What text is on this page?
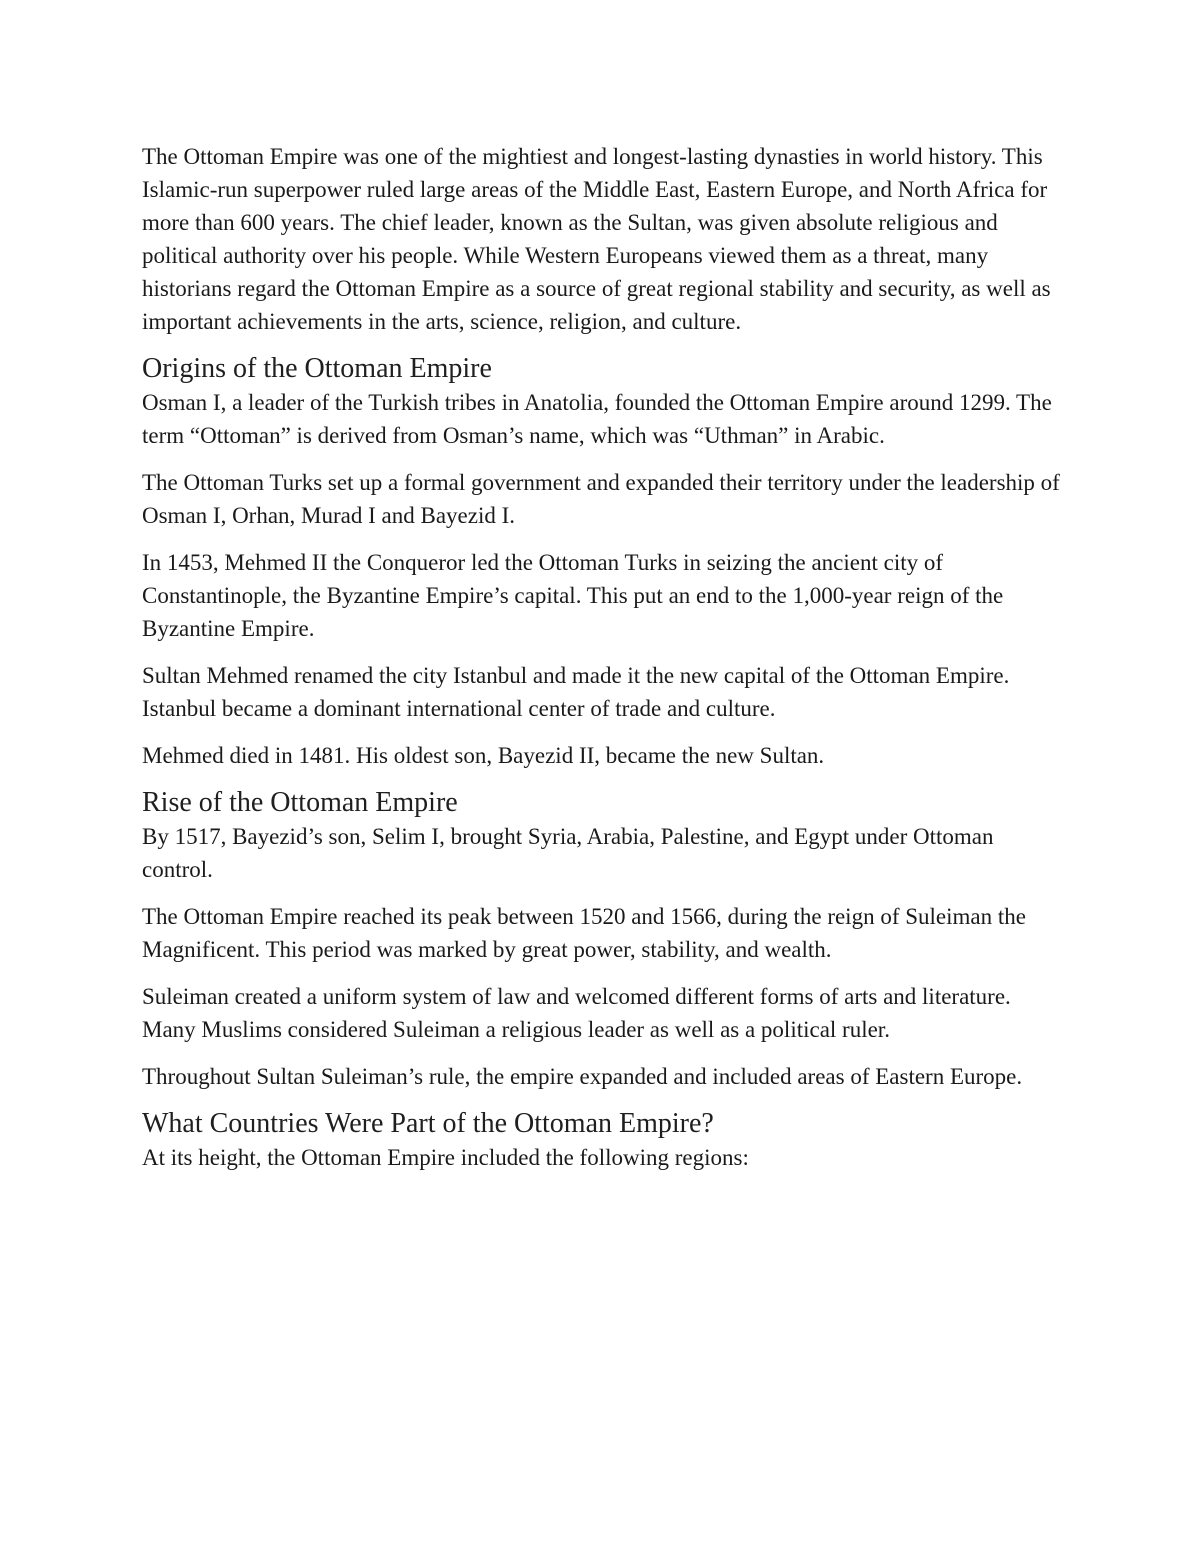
The Ottoman Empire was one of the mightiest and longest-lasting dynasties in world history. This Islamic-run superpower ruled large areas of the Middle East, Eastern Europe, and North Africa for more than 600 years. The chief leader, known as the Sultan, was given absolute religious and political authority over his people. While Western Europeans viewed them as a threat, many historians regard the Ottoman Empire as a source of great regional stability and security, as well as important achievements in the arts, science, religion, and culture.

Origins of the Ottoman Empire

Osman I, a leader of the Turkish tribes in Anatolia, founded the Ottoman Empire around 1299. The term “Ottoman” is derived from Osman’s name, which was “Uthman” in Arabic.

The Ottoman Turks set up a formal government and expanded their territory under the leadership of Osman I, Orhan, Murad I and Bayezid I.

In 1453, Mehmed II the Conqueror led the Ottoman Turks in seizing the ancient city of Constantinople, the Byzantine Empire’s capital. This put an end to the 1,000-year reign of the Byzantine Empire.

Sultan Mehmed renamed the city Istanbul and made it the new capital of the Ottoman Empire. Istanbul became a dominant international center of trade and culture.

Mehmed died in 1481. His oldest son, Bayezid II, became the new Sultan.

Rise of the Ottoman Empire

By 1517, Bayezid’s son, Selim I, brought Syria, Arabia, Palestine, and Egypt under Ottoman control.

The Ottoman Empire reached its peak between 1520 and 1566, during the reign of Suleiman the Magnificent. This period was marked by great power, stability, and wealth.

Suleiman created a uniform system of law and welcomed different forms of arts and literature. Many Muslims considered Suleiman a religious leader as well as a political ruler.

Throughout Sultan Suleiman’s rule, the empire expanded and included areas of Eastern Europe.

What Countries Were Part of the Ottoman Empire?

At its height, the Ottoman Empire included the following regions:
